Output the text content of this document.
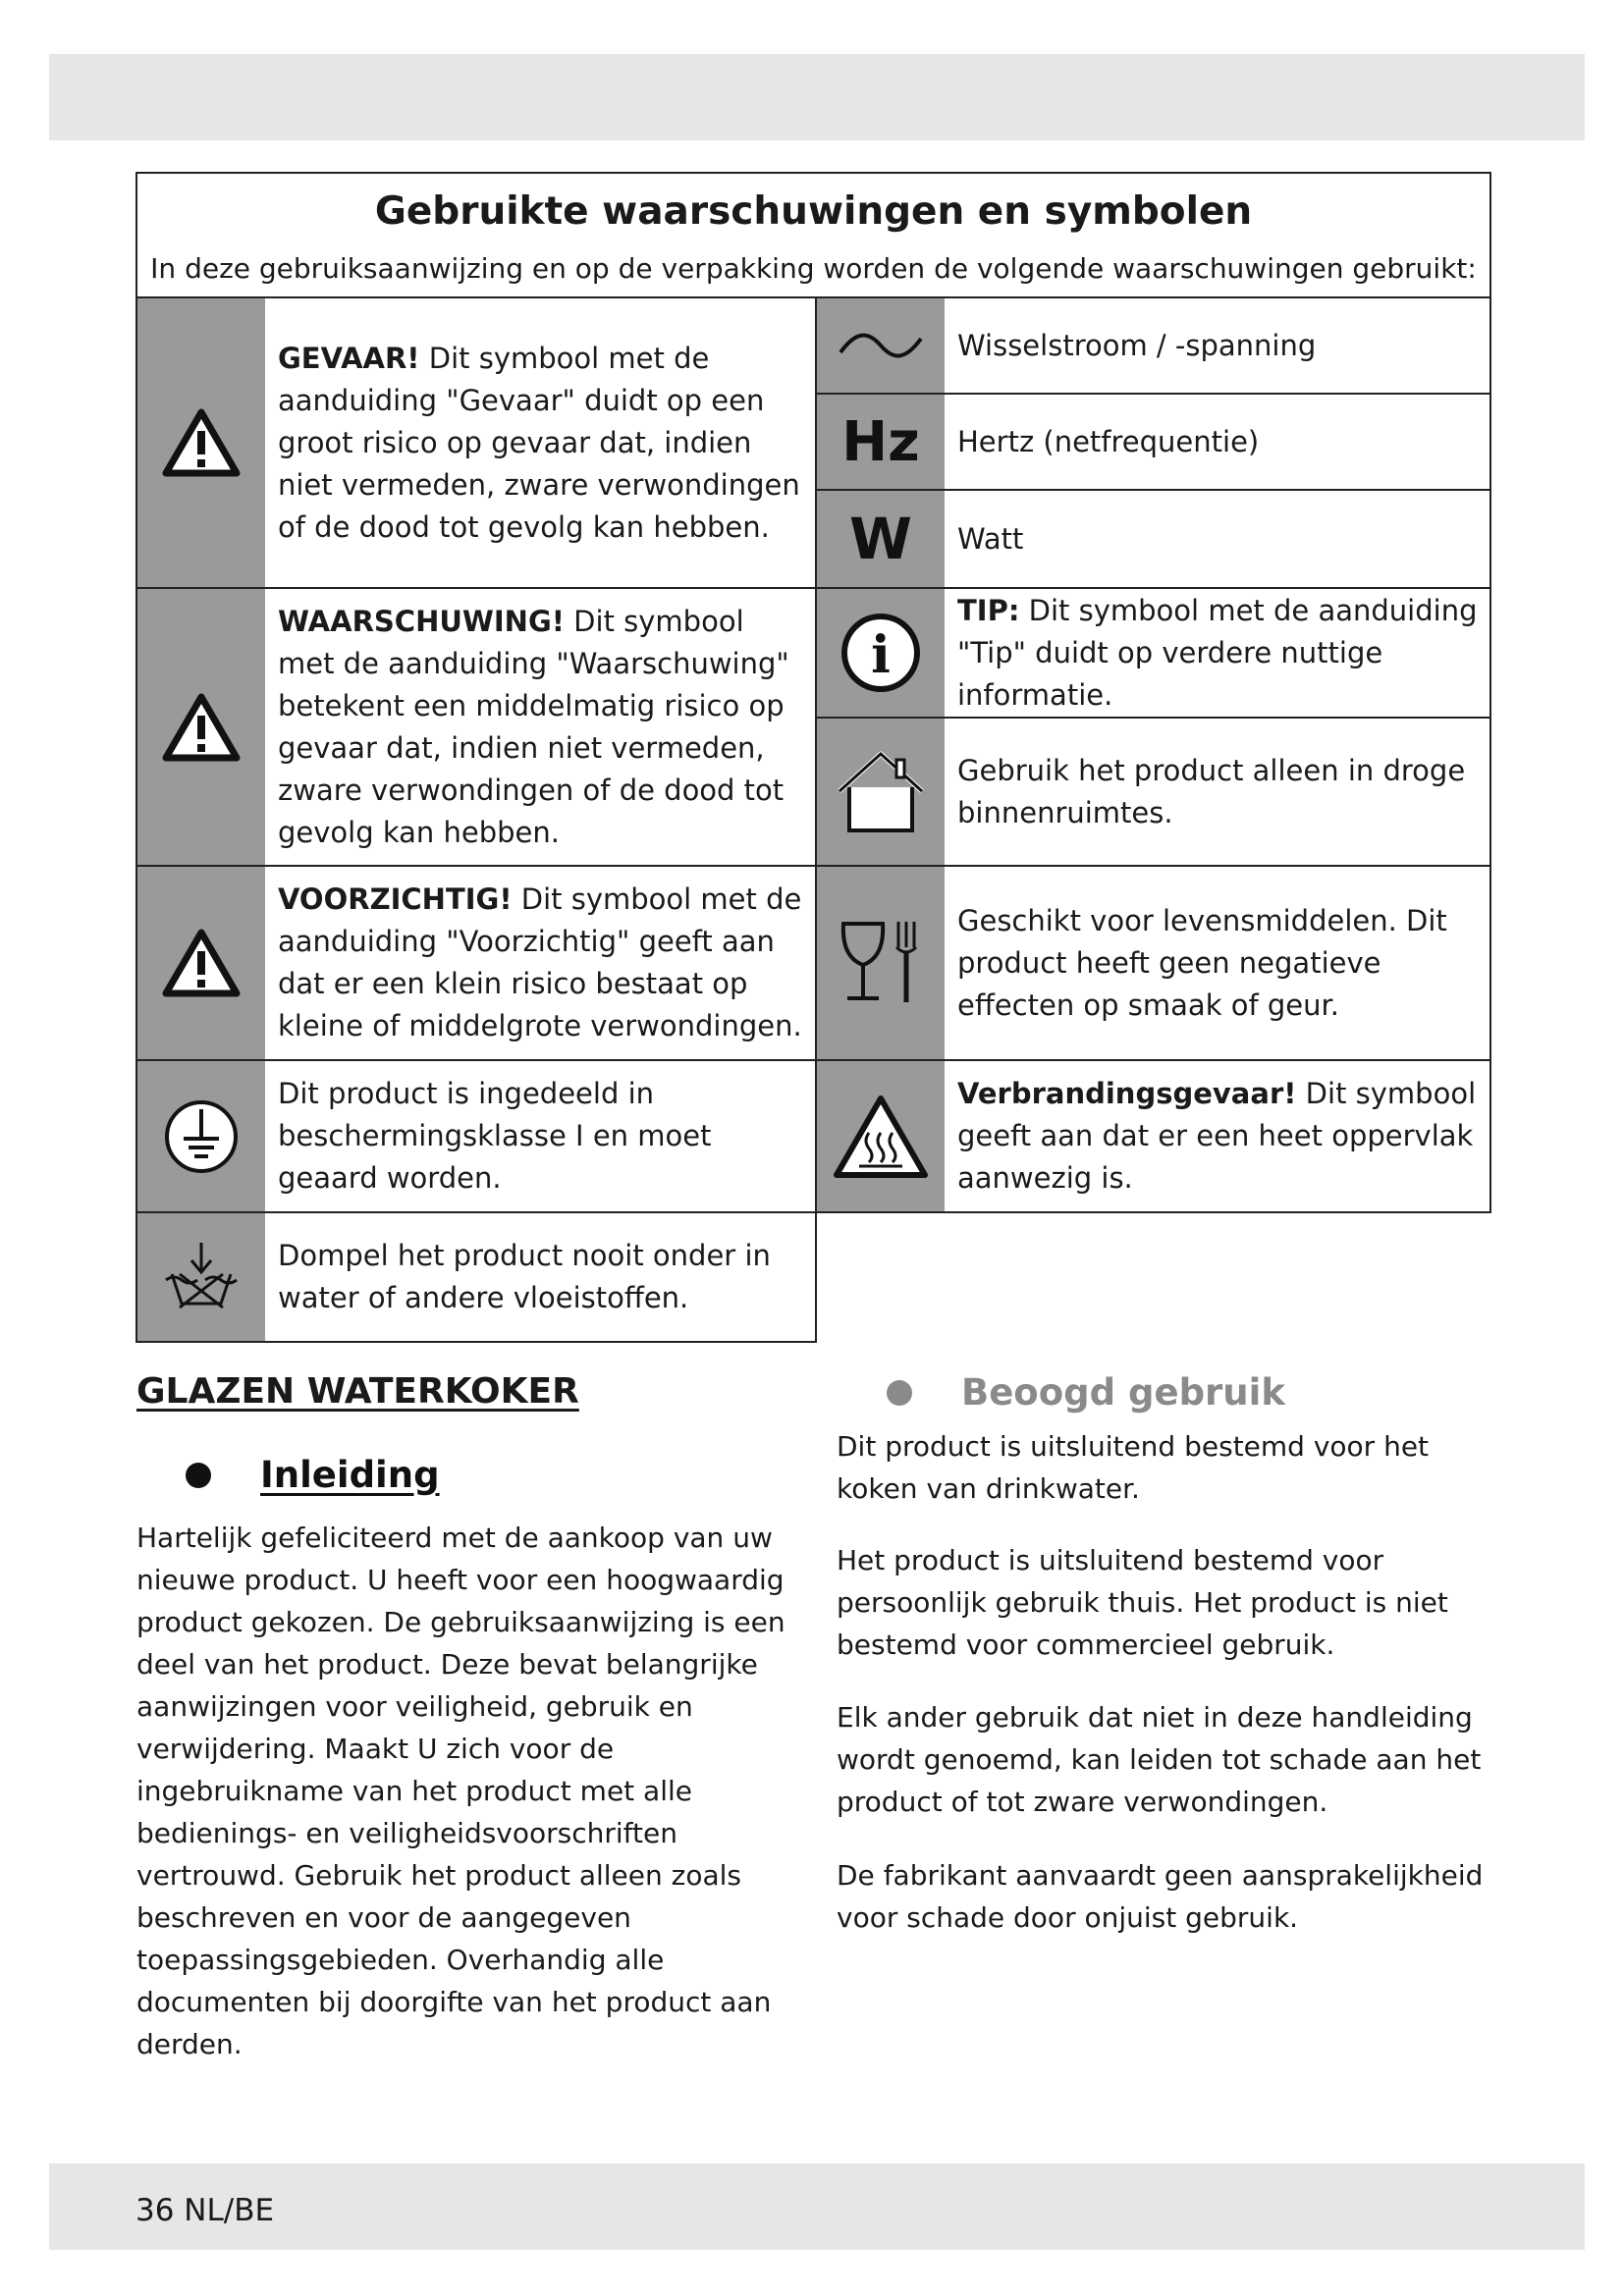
Gebruikte waarschuwingen en symbolen
In deze gebruiksaanwijzing en op de verpakking worden de volgende waarschuwingen gebruikt:
GEVAAR! Dit symbool met de aanduiding "Gevaar" duidt op een groot risico op gevaar dat, indien niet vermeden, zware verwondingen of de dood tot gevolg kan hebben.
WAARSCHUWING! Dit symbool met de aanduiding "Waarschuwing" betekent een middelmatig risico op gevaar dat, indien niet vermeden, zware verwondingen of de dood tot gevolg kan hebben.
VOORZICHTIG! Dit symbool met de aanduiding "Voorzichtig" geeft aan dat er een klein risico bestaat op kleine of middelgrote verwondingen.
Dit product is ingedeeld in beschermingsklasse I en moet geaard worden.
Dompel het product nooit onder in water of andere vloeistoffen.
Wisselstroom / -spanning
Hz Hertz (netfrequentie)
W Watt
i
TIP: Dit symbool met de aanduiding "Tip" duidt op verdere nuttige informatie.
Gebruik het product alleen in droge binnenruimtes.
Geschikt voor levensmiddelen. Dit product heeft geen negatieve effecten op smaak of geur.
Verbrandingsgevaar! Dit symbool geeft aan dat er een heet oppervlak aanwezig is.
GLAZEN WATERKOKER
Inleiding
Hartelijk gefeliciteerd met de aankoop van uw nieuwe product. U heeft voor een hoogwaardig product gekozen. De gebruiksaanwijzing is een deel van het product. Deze bevat belangrijke aanwijzingen voor veiligheid, gebruik en verwijdering. Maakt U zich voor de ingebruikname van het product met alle bedienings- en veiligheidsvoorschriften vertrouwd. Gebruik het product alleen zoals beschreven en voor de aangegeven toepassingsgebieden. Overhandig alle documenten bij doorgifte van het product aan derden.
Beoogd gebruik
Dit product is uitsluitend bestemd voor het koken van drinkwater.
Het product is uitsluitend bestemd voor persoonlijk gebruik thuis. Het product is niet bestemd voor commercieel gebruik.
Elk ander gebruik dat niet in deze handleiding wordt genoemd, kan leiden tot schade aan het product of tot zware verwondingen.
De fabrikant aanvaardt geen aansprakelijkheid voor schade door onjuist gebruik.
36 NL/BE
